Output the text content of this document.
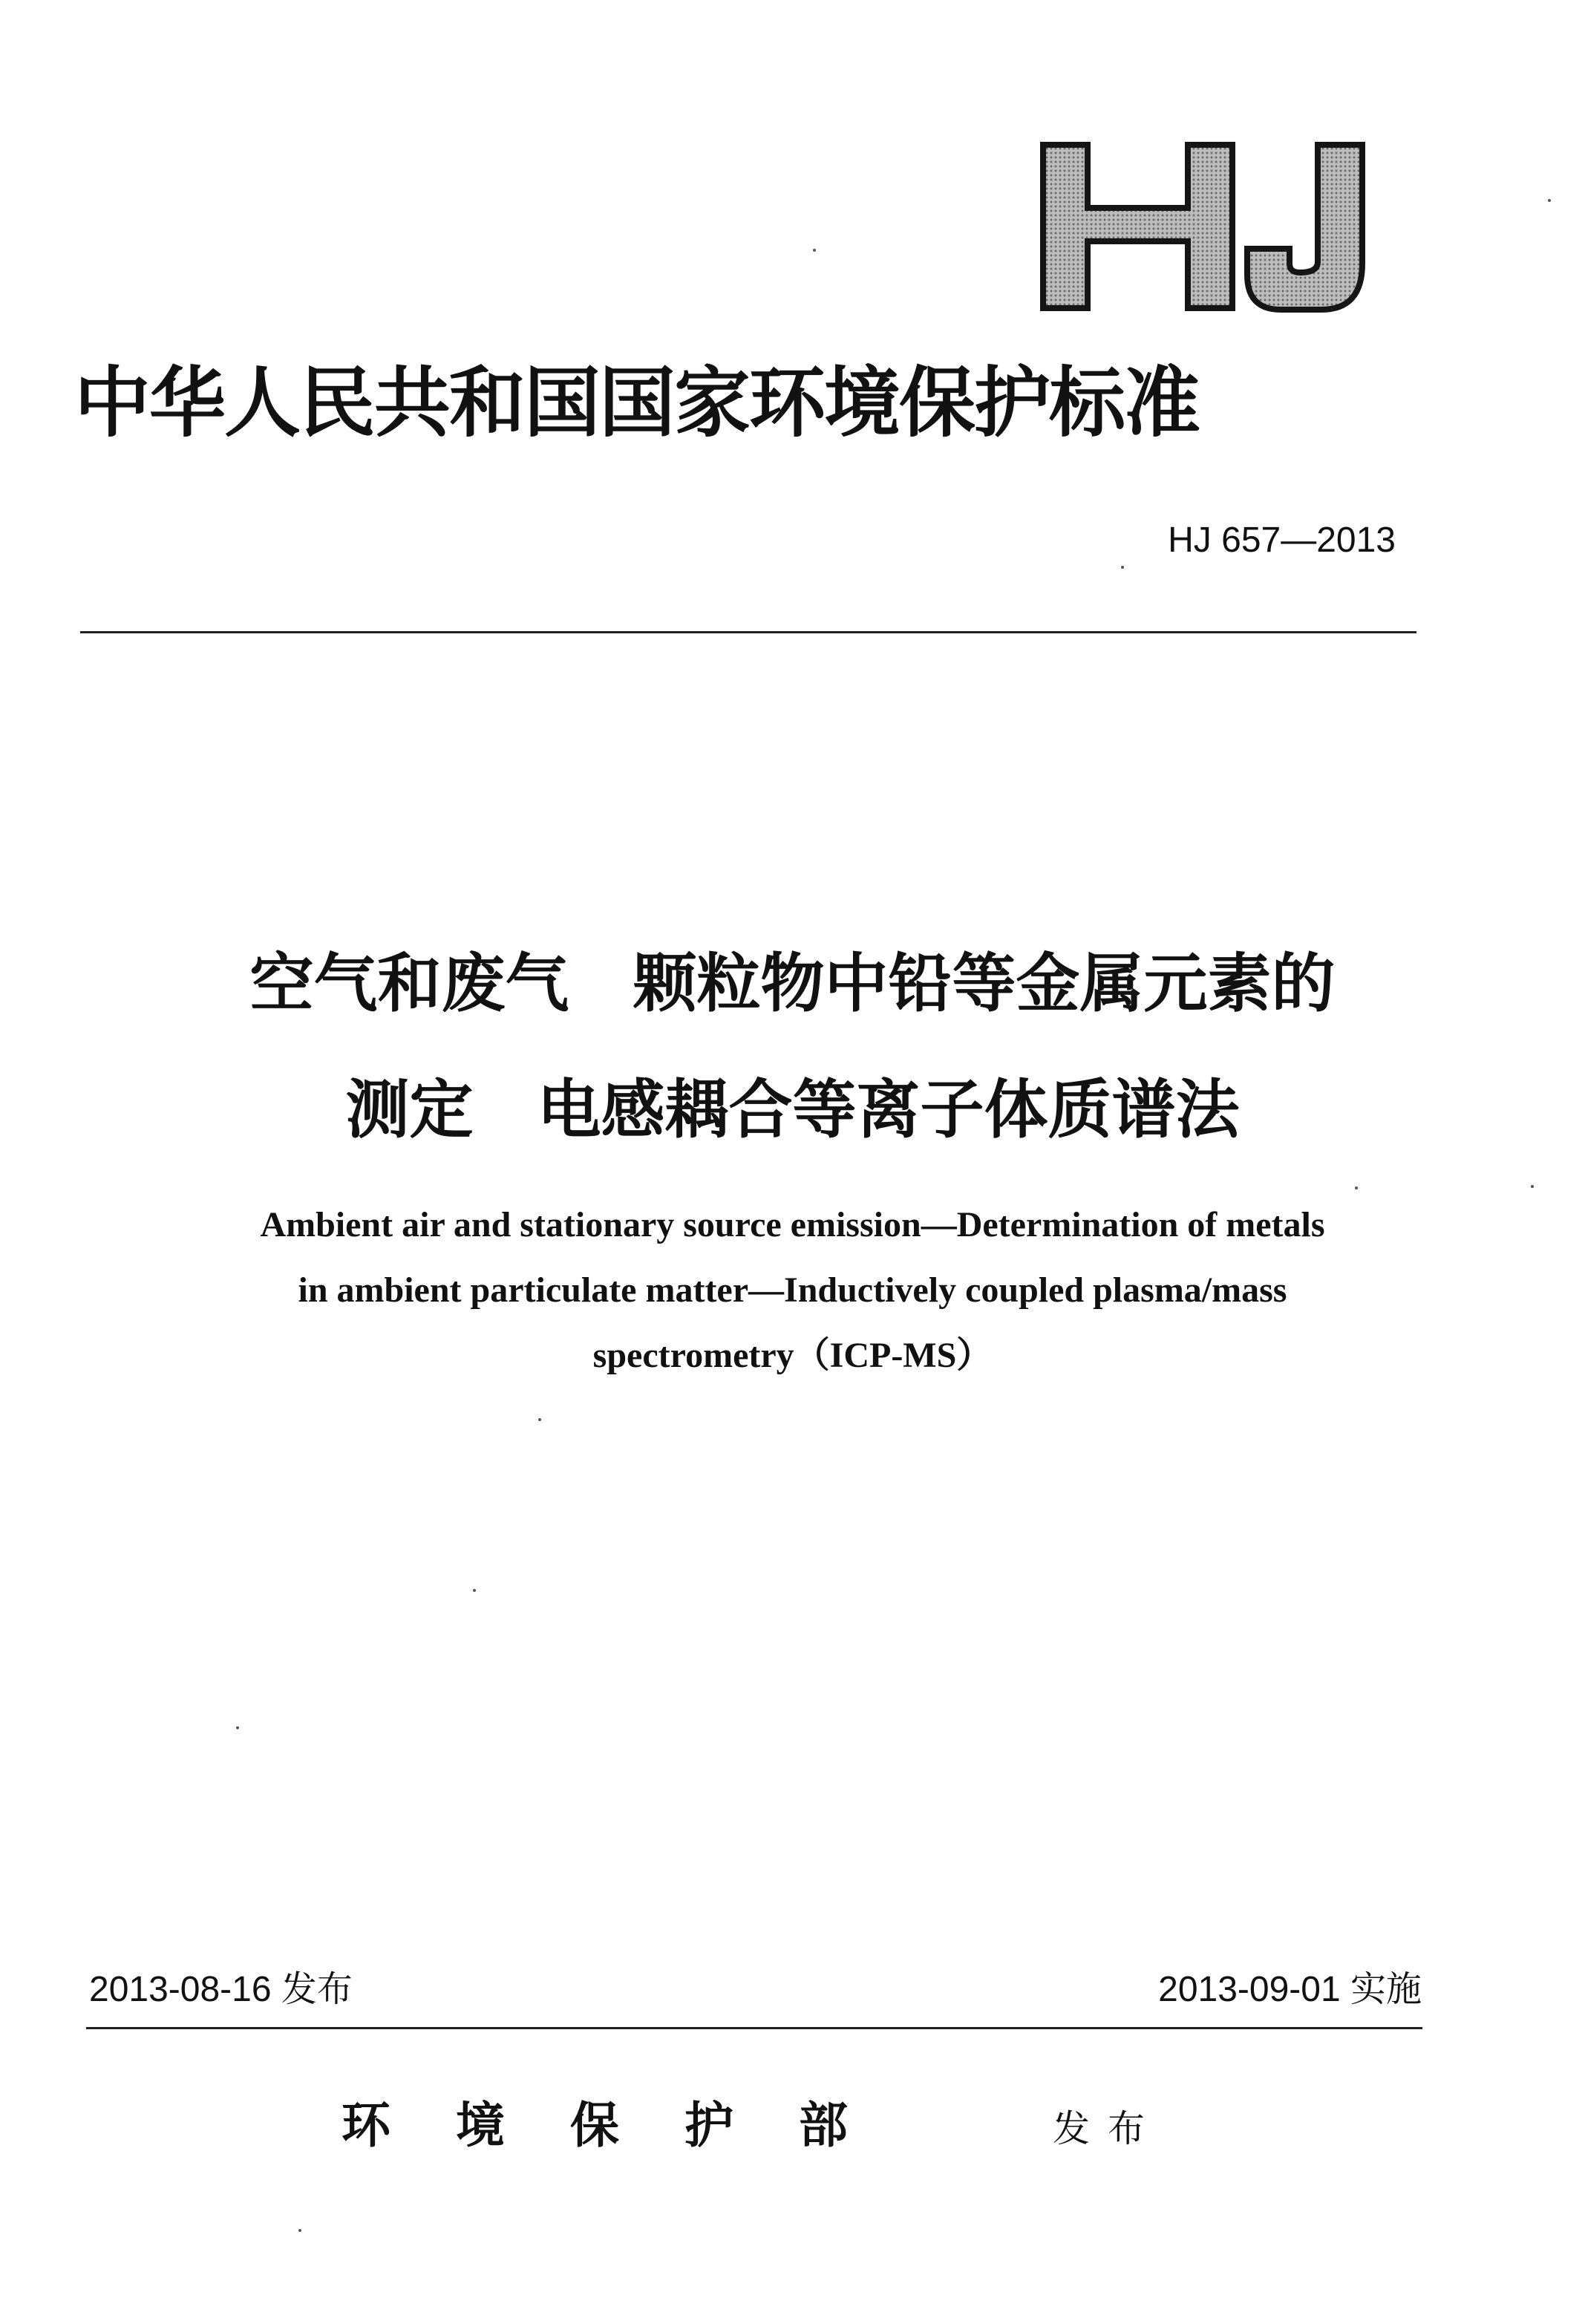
中华人民共和国国家环境保护标准
HJ 657—2013
空气和废气　颗粒物中铅等金属元素的
测定　电感耦合等离子体质谱法
Ambient air and stationary source emission—Determination of metals
in ambient particulate matter—Inductively coupled plasma/mass
spectrometry（ICP-MS）
2013-08-16 发布	2013-09-01 实施
环境保护部	发布
